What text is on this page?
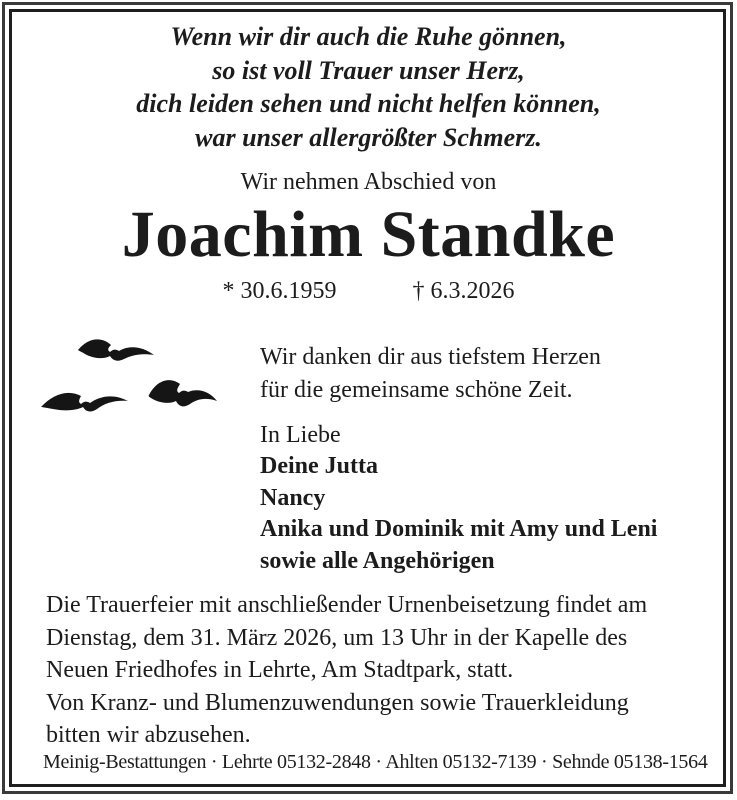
Wenn wir dir auch die Ruhe gönnen,
so ist voll Trauer unser Herz,
dich leiden sehen und nicht helfen können,
war unser allergrößter Schmerz.
Wir nehmen Abschied von
Joachim Standke
* 30.6.1959	† 6.3.2026
Wir danken dir aus tiefstem Herzen
für die gemeinsame schöne Zeit.
In Liebe
Deine Jutta
Nancy
Anika und Dominik mit Amy und Leni
sowie alle Angehörigen
Die Trauerfeier mit anschließender Urnenbeisetzung findet am
Dienstag, dem 31. März 2026, um 13 Uhr in der Kapelle des
Neuen Friedhofes in Lehrte, Am Stadtpark, statt.
Von Kranz- und Blumenzuwendungen sowie Trauerkleidung
bitten wir abzusehen.
Meinig-Bestattungen · Lehrte 05132-2848 · Ahlten 05132-7139 · Sehnde 05138-1564
